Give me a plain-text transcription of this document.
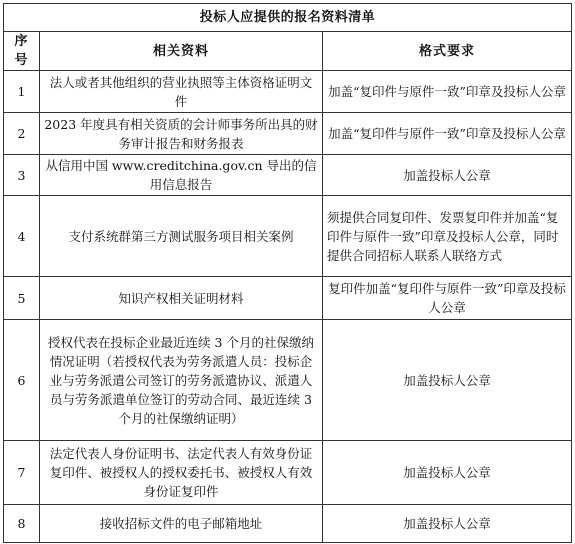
投标人应提供的报名资料清单		
序号	相关资料	格式要求
1	法人或者其他组织的营业执照等主体资格证明文件	加盖“复印件与原件一致”印章及投标人公章
2	2023 年度具有相关资质的会计师事务所出具的财务审计报告和财务报表	加盖“复印件与原件一致”印章及投标人公章
3	从信用中国 www.creditchina.gov.cn 导出的信用信息报告	加盖投标人公章
4	支付系统群第三方测试服务项目相关案例	须提供合同复印件、发票复印件并加盖“复印件与原件一致”印章及投标人公章，同时提供合同招标人联系人联络方式
5	知识产权相关证明材料	复印件加盖“复印件与原件一致”印章及投标人公章
6	授权代表在投标企业最近连续 3 个月的社保缴纳情况证明（若授权代表为劳务派遣人员：投标企业与劳务派遣公司签订的劳务派遣协议、派遣人员与劳务派遣单位签订的劳动合同、最近连续 3 个月的社保缴纳证明）	加盖投标人公章
7	法定代表人身份证明书、法定代表人有效身份证复印件、被授权人的授权委托书、被授权人有效身份证复印件	加盖投标人公章
8	接收招标文件的电子邮箱地址	加盖投标人公章
